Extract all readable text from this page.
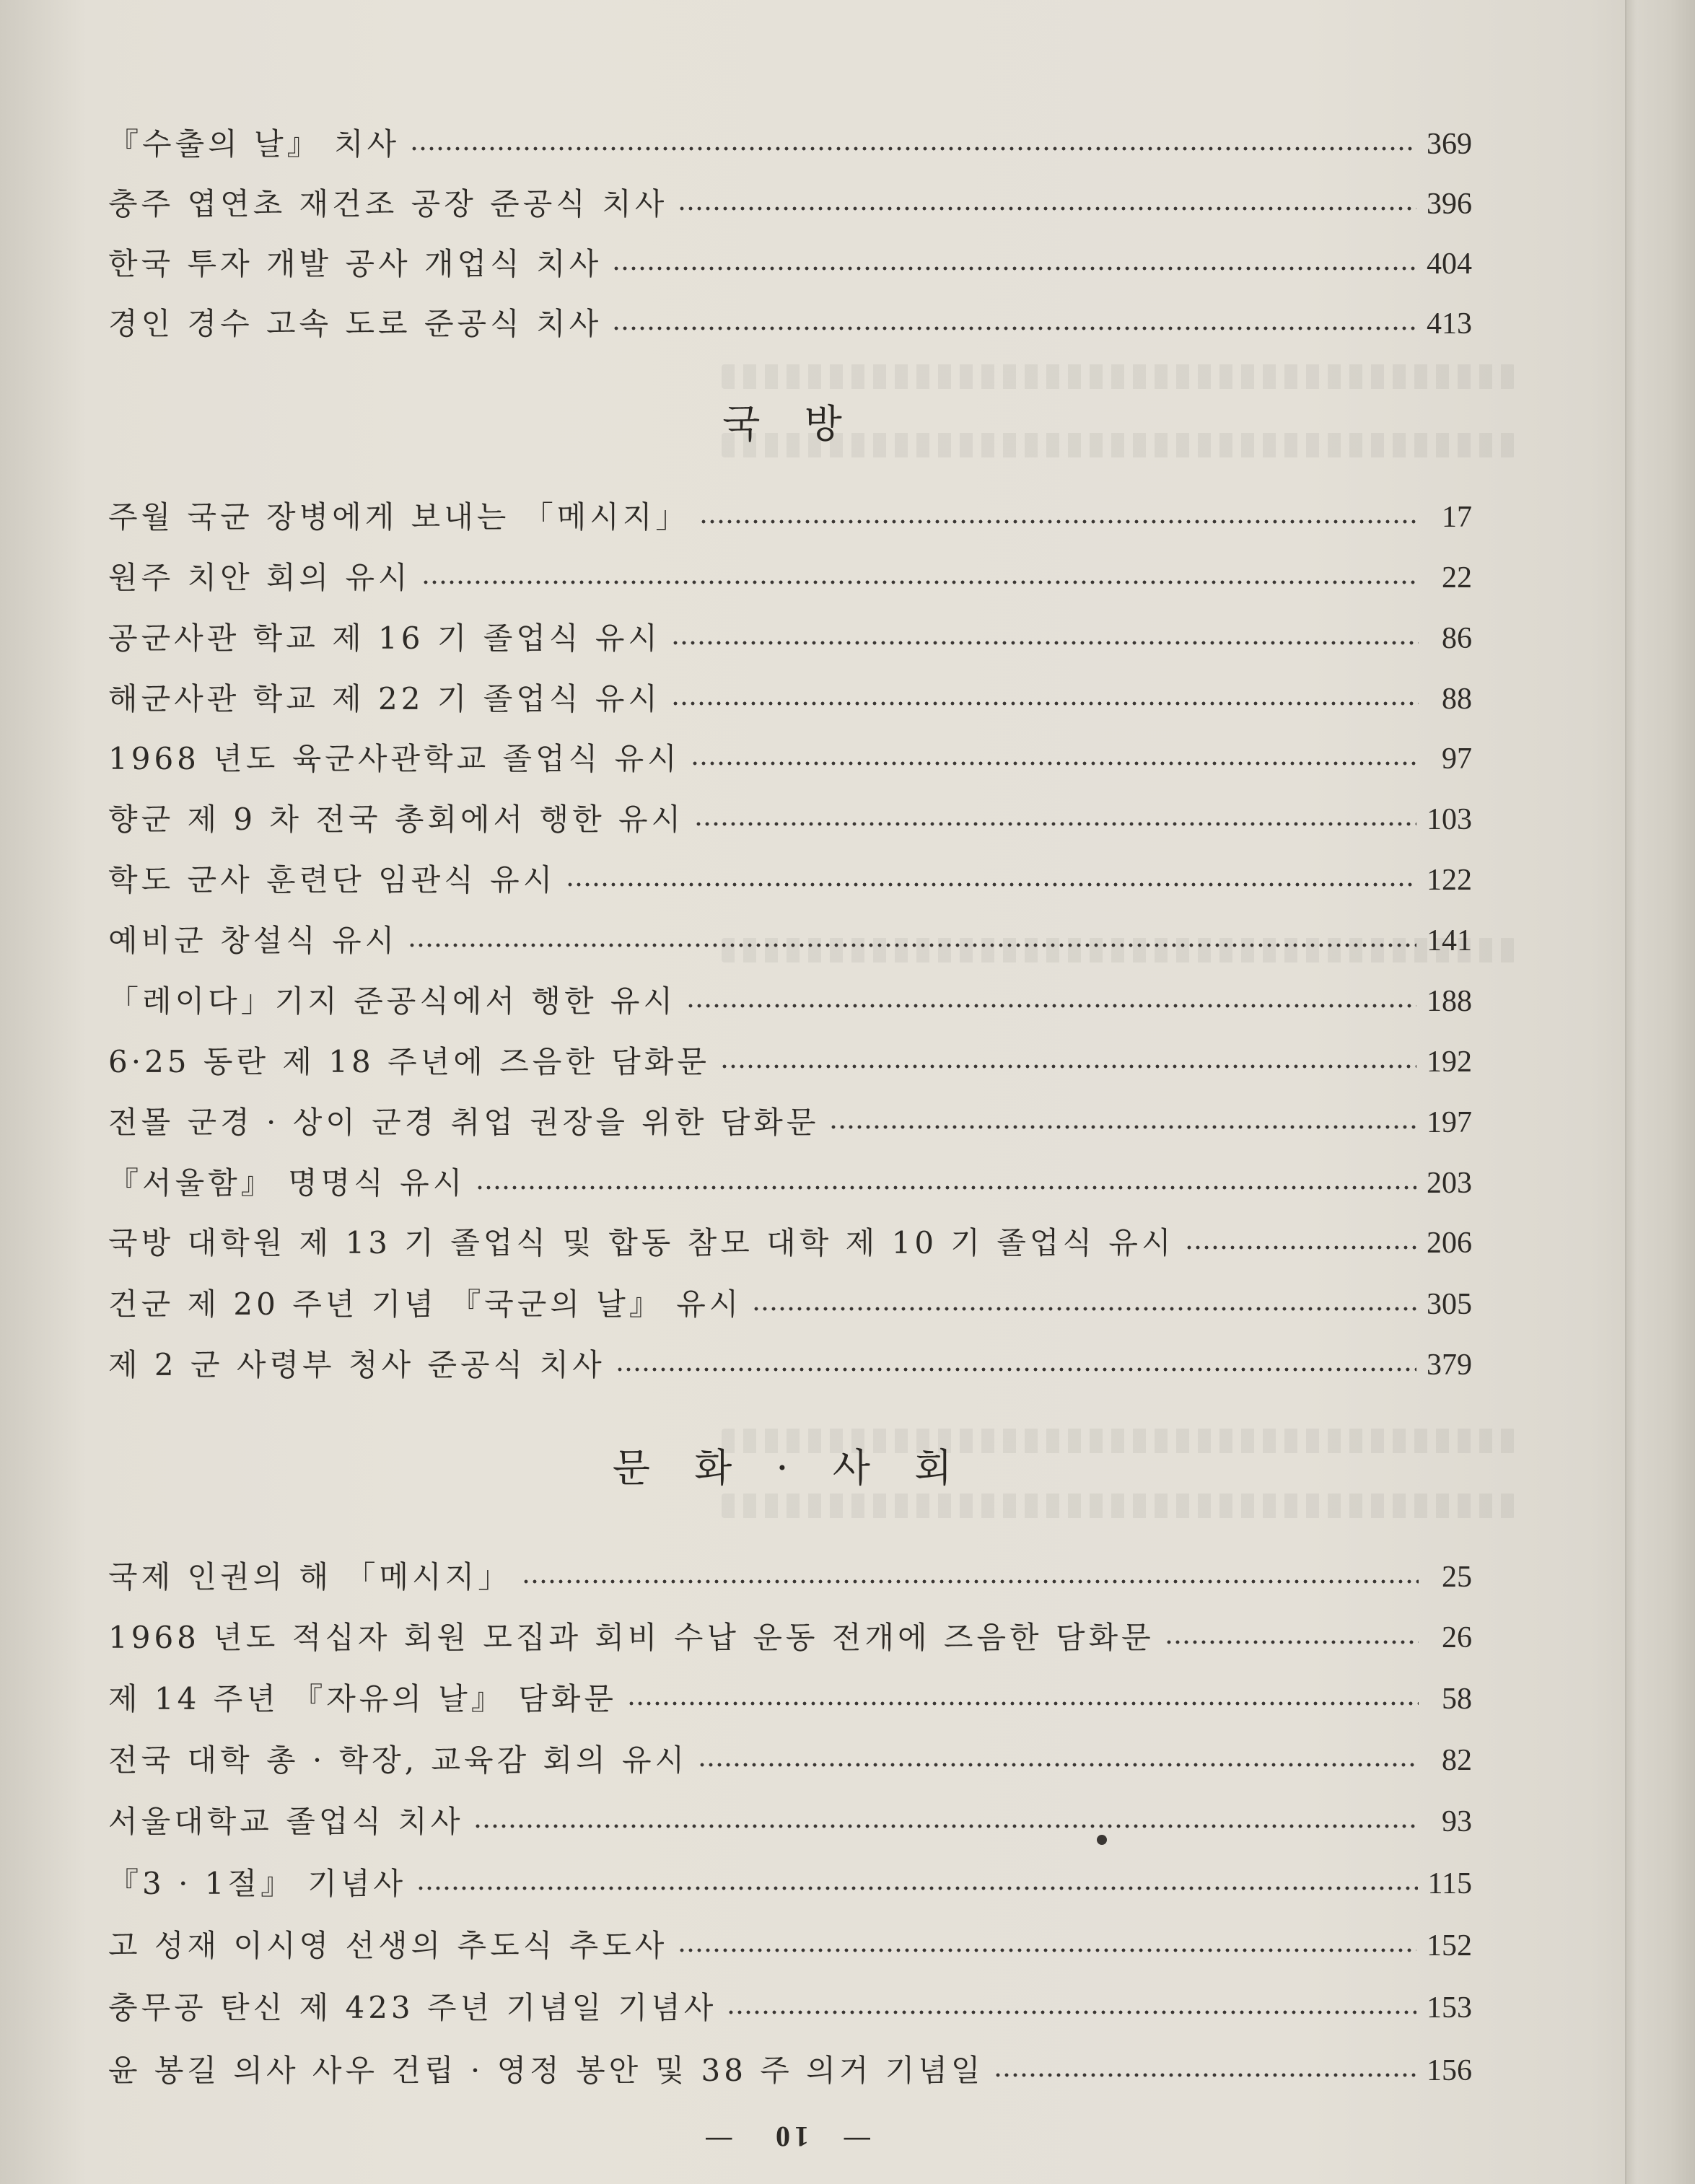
『수출의 날』 치사	369
충주 엽연초 재건조 공장 준공식 치사	396
한국 투자 개발 공사 개업식 치사	404
경인 경수 고속 도로 준공식 치사	413
주월 국군 장병에게 보내는 「메시지」	17
원주 치안 회의 유시	22
공군사관 학교 제 16 기 졸업식 유시	86
해군사관 학교 제 22 기 졸업식 유시	88
1968 년도 육군사관학교 졸업식 유시	97
향군 제 9 차 전국 총회에서 행한 유시	103
학도 군사 훈련단 임관식 유시	122
예비군 창설식 유시	141
「레이다」기지 준공식에서 행한 유시	188
6·25 동란 제 18 주년에 즈음한 담화문	192
전몰 군경 · 상이 군경 취업 권장을 위한 담화문	197
『서울함』 명명식 유시	203
국방 대학원 제 13 기 졸업식 및 합동 참모 대학 제 10 기 졸업식 유시	206
건군 제 20 주년 기념 『국군의 날』 유시	305
제 2 군 사령부 청사 준공식 치사	379
국제 인권의 해 「메시지」	25
1968 년도 적십자 회원 모집과 회비 수납 운동 전개에 즈음한 담화문	26
제 14 주년 『자유의 날』 담화문	58
전국 대학 총 · 학장, 교육감 회의 유시	82
서울대학교 졸업식 치사	93
『3 · 1절』 기념사	115
고 성재 이시영 선생의 추도식 추도사	152
충무공 탄신 제 423 주년 기념일 기념사	153
윤 봉길 의사 사우 건립 · 영정 봉안 및 38 주 의거 기념일	156
국 방
문 화 · 사 회
— 10 —
